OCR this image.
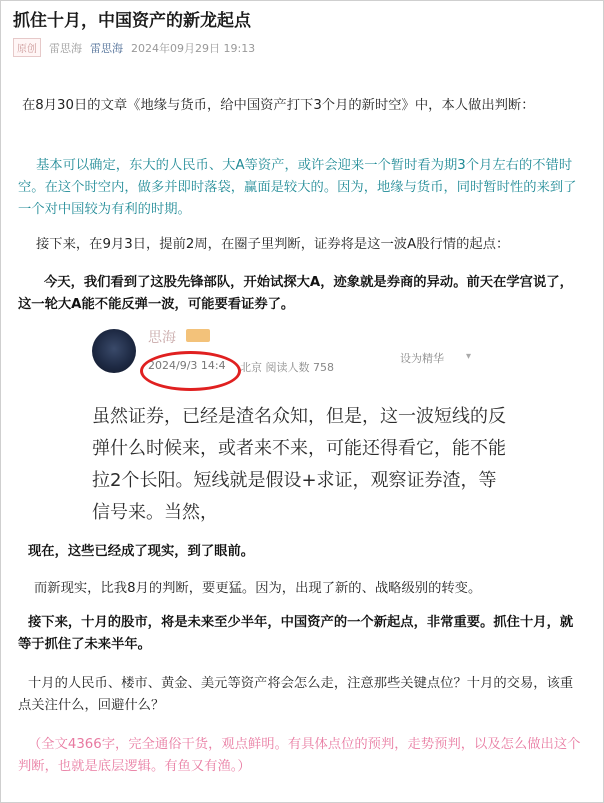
抓住十月，中国资产的新龙起点
原创	雷思海 雷思海 2024年09月29日 19:13
在8月30日的文章《地缘与货币，给中国资产打下3个月的新时空》中，本人做出判断：
基本可以确定，东大的人民币、大A等资产，或许会迎来一个暂时看为期3个月左右的不错时空。在这个时空内，做多并即时落袋，赢面是较大的。因为，地缘与货币，同时暂时性的来到了一个对中国较为有利的时期。
接下来，在9月3日，提前2周，在圈子里判断，证券将是这一波A股行情的起点：
今天，我们看到了这股先锋部队，开始试探大A，迹象就是券商的异动。前天在学宫说了，这一轮大A能不能反弹一波，可能要看证券了。
思海
2024/9/3 14:4 北京 阅读人数 758
设为精华 ▾
虽然证券，已经是渣名众知，但是，这一波短线的反弹什么时候来，或者来不来，可能还得看它，能不能拉2个长阳。短线就是假设+求证，观察证券渣，等信号来。当然，
现在，这些已经成了现实，到了眼前。
而新现实，比我8月的判断，要更猛。因为，出现了新的、战略级别的转变。
接下来，十月的股市，将是未来至少半年，中国资产的一个新起点，非常重要。抓住十月，就等于抓住了未来半年。
十月的人民币、楼市、黄金、美元等资产将会怎么走，注意那些关键点位？十月的交易，该重点关注什么，回避什么？
（全文4366字，完全通俗干货，观点鲜明。有具体点位的预判，走势预判，以及怎么做出这个判断，也就是底层逻辑。有鱼又有渔。）
